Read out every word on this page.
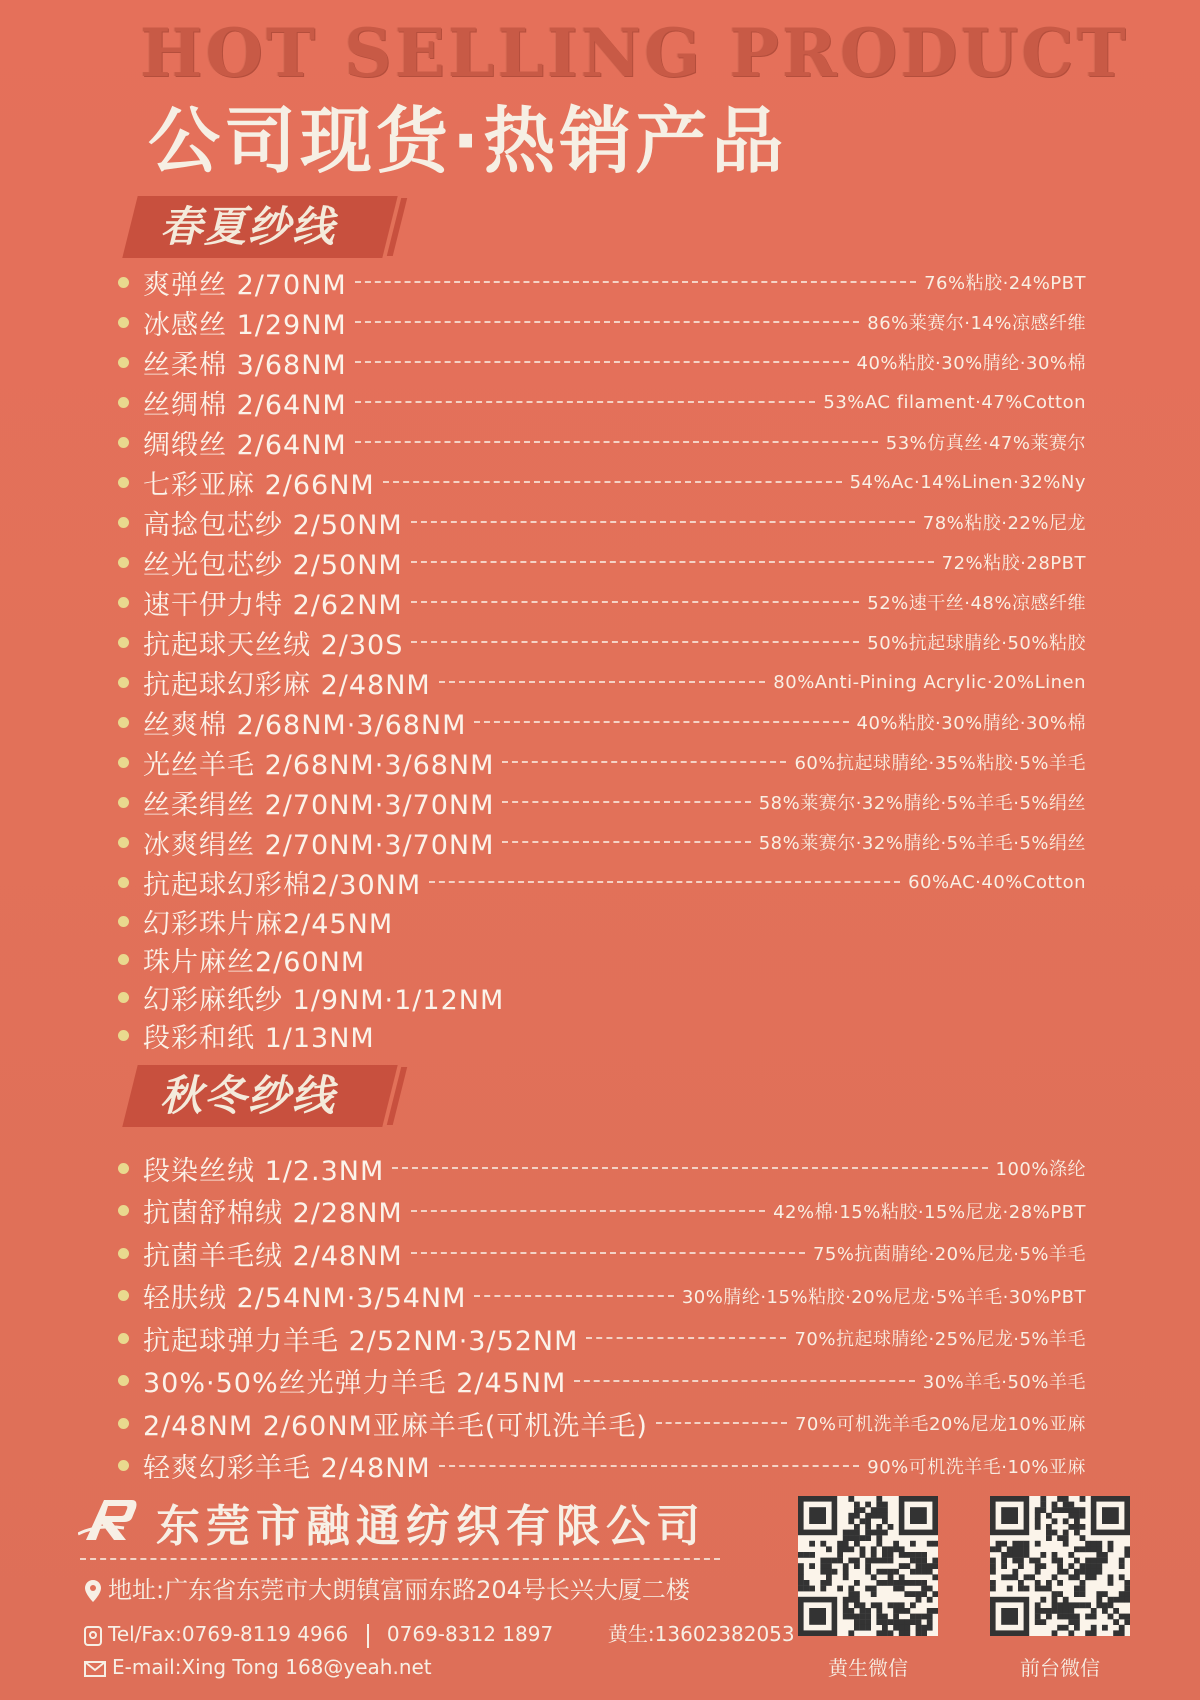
HOT SELLING PRODUCT
公司现货·热销产品
春夏纱线
爽弹丝 2/70NM	76%粘胶·24%PBT
冰感丝 1/29NM	86%莱赛尔·14%凉感纤维
丝柔棉 3/68NM	40%粘胶·30%腈纶·30%棉
丝绸棉 2/64NM	53%AC filament·47%Cotton
绸缎丝 2/64NM	53%仿真丝·47%莱赛尔
七彩亚麻 2/66NM	54%Ac·14%Linen·32%Ny
高捻包芯纱 2/50NM	78%粘胶·22%尼龙
丝光包芯纱 2/50NM	72%粘胶·28PBT
速干伊力特 2/62NM	52%速干丝·48%凉感纤维
抗起球天丝绒 2/30S	50%抗起球腈纶·50%粘胶
抗起球幻彩麻 2/48NM	80%Anti-Pining Acrylic·20%Linen
丝爽棉 2/68NM·3/68NM	40%粘胶·30%腈纶·30%棉
光丝羊毛 2/68NM·3/68NM	60%抗起球腈纶·35%粘胶·5%羊毛
丝柔绢丝 2/70NM·3/70NM	58%莱赛尔·32%腈纶·5%羊毛·5%绢丝
冰爽绢丝 2/70NM·3/70NM	58%莱赛尔·32%腈纶·5%羊毛·5%绢丝
抗起球幻彩棉2/30NM	60%AC·40%Cotton
幻彩珠片麻2/45NM
珠片麻丝2/60NM
幻彩麻纸纱 1/9NM·1/12NM
段彩和纸 1/13NM
秋冬纱线
段染丝绒 1/2.3NM	100%涤纶
抗菌舒棉绒 2/28NM	42%棉·15%粘胶·15%尼龙·28%PBT
抗菌羊毛绒 2/48NM	75%抗菌腈纶·20%尼龙·5%羊毛
轻肤绒 2/54NM·3/54NM	30%腈纶·15%粘胶·20%尼龙·5%羊毛·30%PBT
抗起球弹力羊毛 2/52NM·3/52NM	70%抗起球腈纶·25%尼龙·5%羊毛
30%·50%丝光弹力羊毛 2/45NM	30%羊毛·50%羊毛
2/48NM 2/60NM亚麻羊毛(可机洗羊毛)	70%可机洗羊毛20%尼龙10%亚麻
轻爽幻彩羊毛 2/48NM	90%可机洗羊毛·10%亚麻
东莞市融通纺织有限公司
地址:广东省东莞市大朗镇富丽东路204号长兴大厦二楼
Tel/Fax:0769-8119 4966 0769-8312 1897	黄生:13602382053
E-mail:Xing Tong 168@yeah.net	黄生微信	前台微信
